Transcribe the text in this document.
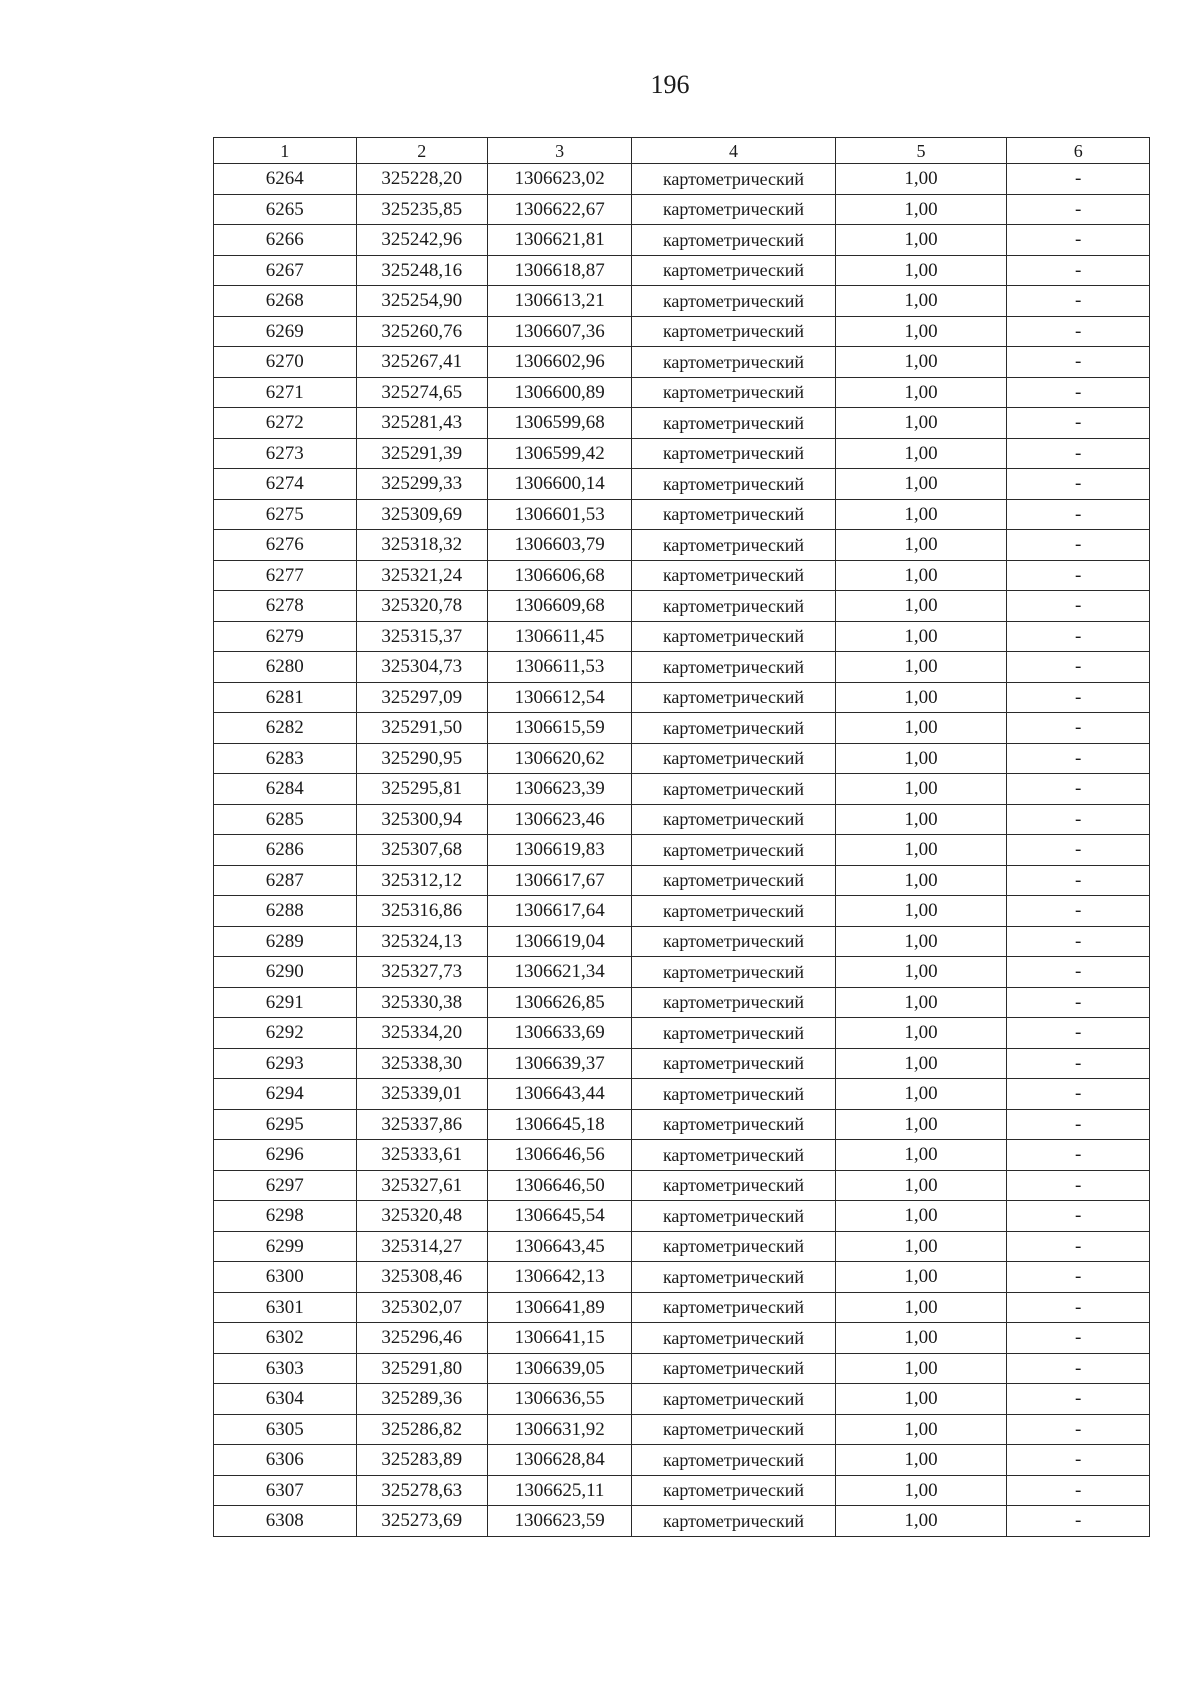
196
1	2	3	4	5	6
6264	325228,20	1306623,02	картометрический	1,00	-
6265	325235,85	1306622,67	картометрический	1,00	-
6266	325242,96	1306621,81	картометрический	1,00	-
6267	325248,16	1306618,87	картометрический	1,00	-
6268	325254,90	1306613,21	картометрический	1,00	-
6269	325260,76	1306607,36	картометрический	1,00	-
6270	325267,41	1306602,96	картометрический	1,00	-
6271	325274,65	1306600,89	картометрический	1,00	-
6272	325281,43	1306599,68	картометрический	1,00	-
6273	325291,39	1306599,42	картометрический	1,00	-
6274	325299,33	1306600,14	картометрический	1,00	-
6275	325309,69	1306601,53	картометрический	1,00	-
6276	325318,32	1306603,79	картометрический	1,00	-
6277	325321,24	1306606,68	картометрический	1,00	-
6278	325320,78	1306609,68	картометрический	1,00	-
6279	325315,37	1306611,45	картометрический	1,00	-
6280	325304,73	1306611,53	картометрический	1,00	-
6281	325297,09	1306612,54	картометрический	1,00	-
6282	325291,50	1306615,59	картометрический	1,00	-
6283	325290,95	1306620,62	картометрический	1,00	-
6284	325295,81	1306623,39	картометрический	1,00	-
6285	325300,94	1306623,46	картометрический	1,00	-
6286	325307,68	1306619,83	картометрический	1,00	-
6287	325312,12	1306617,67	картометрический	1,00	-
6288	325316,86	1306617,64	картометрический	1,00	-
6289	325324,13	1306619,04	картометрический	1,00	-
6290	325327,73	1306621,34	картометрический	1,00	-
6291	325330,38	1306626,85	картометрический	1,00	-
6292	325334,20	1306633,69	картометрический	1,00	-
6293	325338,30	1306639,37	картометрический	1,00	-
6294	325339,01	1306643,44	картометрический	1,00	-
6295	325337,86	1306645,18	картометрический	1,00	-
6296	325333,61	1306646,56	картометрический	1,00	-
6297	325327,61	1306646,50	картометрический	1,00	-
6298	325320,48	1306645,54	картометрический	1,00	-
6299	325314,27	1306643,45	картометрический	1,00	-
6300	325308,46	1306642,13	картометрический	1,00	-
6301	325302,07	1306641,89	картометрический	1,00	-
6302	325296,46	1306641,15	картометрический	1,00	-
6303	325291,80	1306639,05	картометрический	1,00	-
6304	325289,36	1306636,55	картометрический	1,00	-
6305	325286,82	1306631,92	картометрический	1,00	-
6306	325283,89	1306628,84	картометрический	1,00	-
6307	325278,63	1306625,11	картометрический	1,00	-
6308	325273,69	1306623,59	картометрический	1,00	-
